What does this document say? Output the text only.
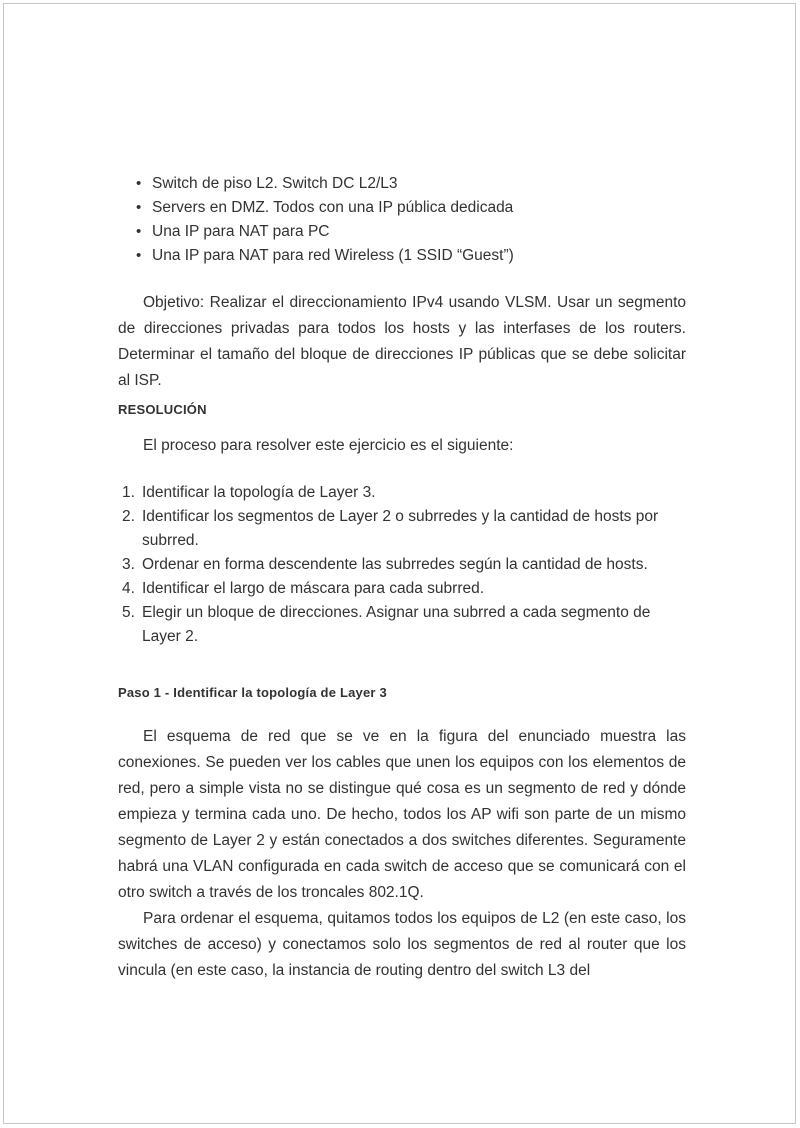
• Switch de piso L2. Switch DC L2/L3
• Servers en DMZ. Todos con una IP pública dedicada
• Una IP para NAT para PC
• Una IP para NAT para red Wireless (1 SSID “Guest”)

Objetivo: Realizar el direccionamiento IPv4 usando VLSM. Usar un segmento de direcciones privadas para todos los hosts y las interfases de los routers. Determinar el tamaño del bloque de direcciones IP públicas que se debe solicitar al ISP.

RESOLUCIÓN

El proceso para resolver este ejercicio es el siguiente:

Identificar la topología de Layer 3.
Identificar los segmentos de Layer 2 o subrredes y la cantidad de hosts por subrred.
Ordenar en forma descendente las subrredes según la cantidad de hosts.
Identificar el largo de máscara para cada subrred.
Elegir un bloque de direcciones. Asignar una subrred a cada segmento de Layer 2.
Paso 1 - Identificar la topología de Layer 3

El esquema de red que se ve en la figura del enunciado muestra las conexiones. Se pueden ver los cables que unen los equipos con los elementos de red, pero a simple vista no se distingue qué cosa es un segmento de red y dónde empieza y termina cada uno. De hecho, todos los AP wifi son parte de un mismo segmento de Layer 2 y están conectados a dos switches diferentes. Seguramente habrá una VLAN configurada en cada switch de acceso que se comunicará con el otro switch a través de los troncales 802.1Q.

Para ordenar el esquema, quitamos todos los equipos de L2 (en este caso, los switches de acceso) y conectamos solo los segmentos de red al router que los vincula (en este caso, la instancia de routing dentro del switch L3 del
